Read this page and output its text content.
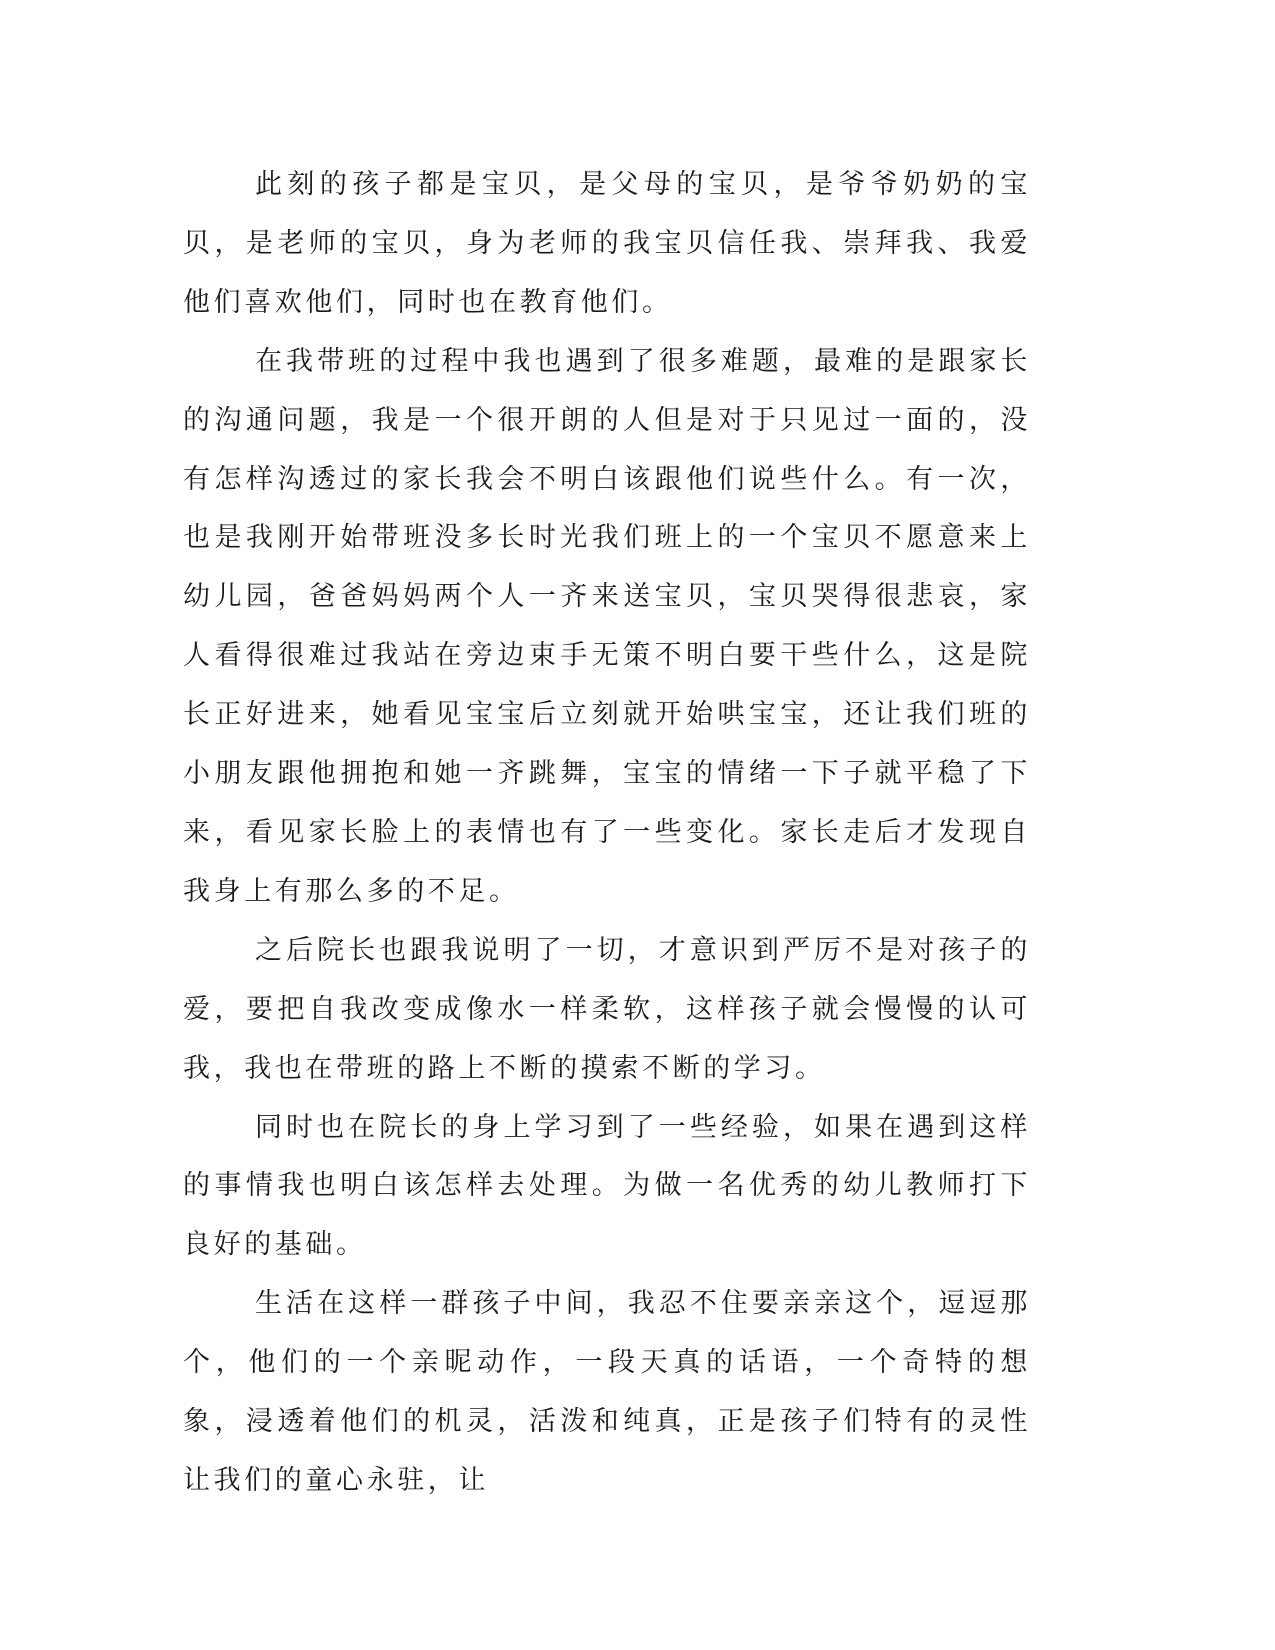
此刻的孩子都是宝贝，是父母的宝贝，是爷爷奶奶的宝贝，是老师的宝贝，身为老师的我宝贝信任我、崇拜我、我爱他们喜欢他们，同时也在教育他们。

在我带班的过程中我也遇到了很多难题，最难的是跟家长的沟通问题，我是一个很开朗的人但是对于只见过一面的，没有怎样沟透过的家长我会不明白该跟他们说些什么。有一次，也是我刚开始带班没多长时光我们班上的一个宝贝不愿意来上幼儿园，爸爸妈妈两个人一齐来送宝贝，宝贝哭得很悲哀，家人看得很难过我站在旁边束手无策不明白要干些什么，这是院长正好进来，她看见宝宝后立刻就开始哄宝宝，还让我们班的小朋友跟他拥抱和她一齐跳舞，宝宝的情绪一下子就平稳了下来，看见家长脸上的表情也有了一些变化。家长走后才发现自我身上有那么多的不足。

之后院长也跟我说明了一切，才意识到严厉不是对孩子的爱，要把自我改变成像水一样柔软，这样孩子就会慢慢的认可我，我也在带班的路上不断的摸索不断的学习。

同时也在院长的身上学习到了一些经验，如果在遇到这样的事情我也明白该怎样去处理。为做一名优秀的幼儿教师打下良好的基础。

生活在这样一群孩子中间，我忍不住要亲亲这个，逗逗那个，他们的一个亲昵动作，一段天真的话语，一个奇特的想象，浸透着他们的机灵，活泼和纯真，正是孩子们特有的灵性让我们的童心永驻，让
